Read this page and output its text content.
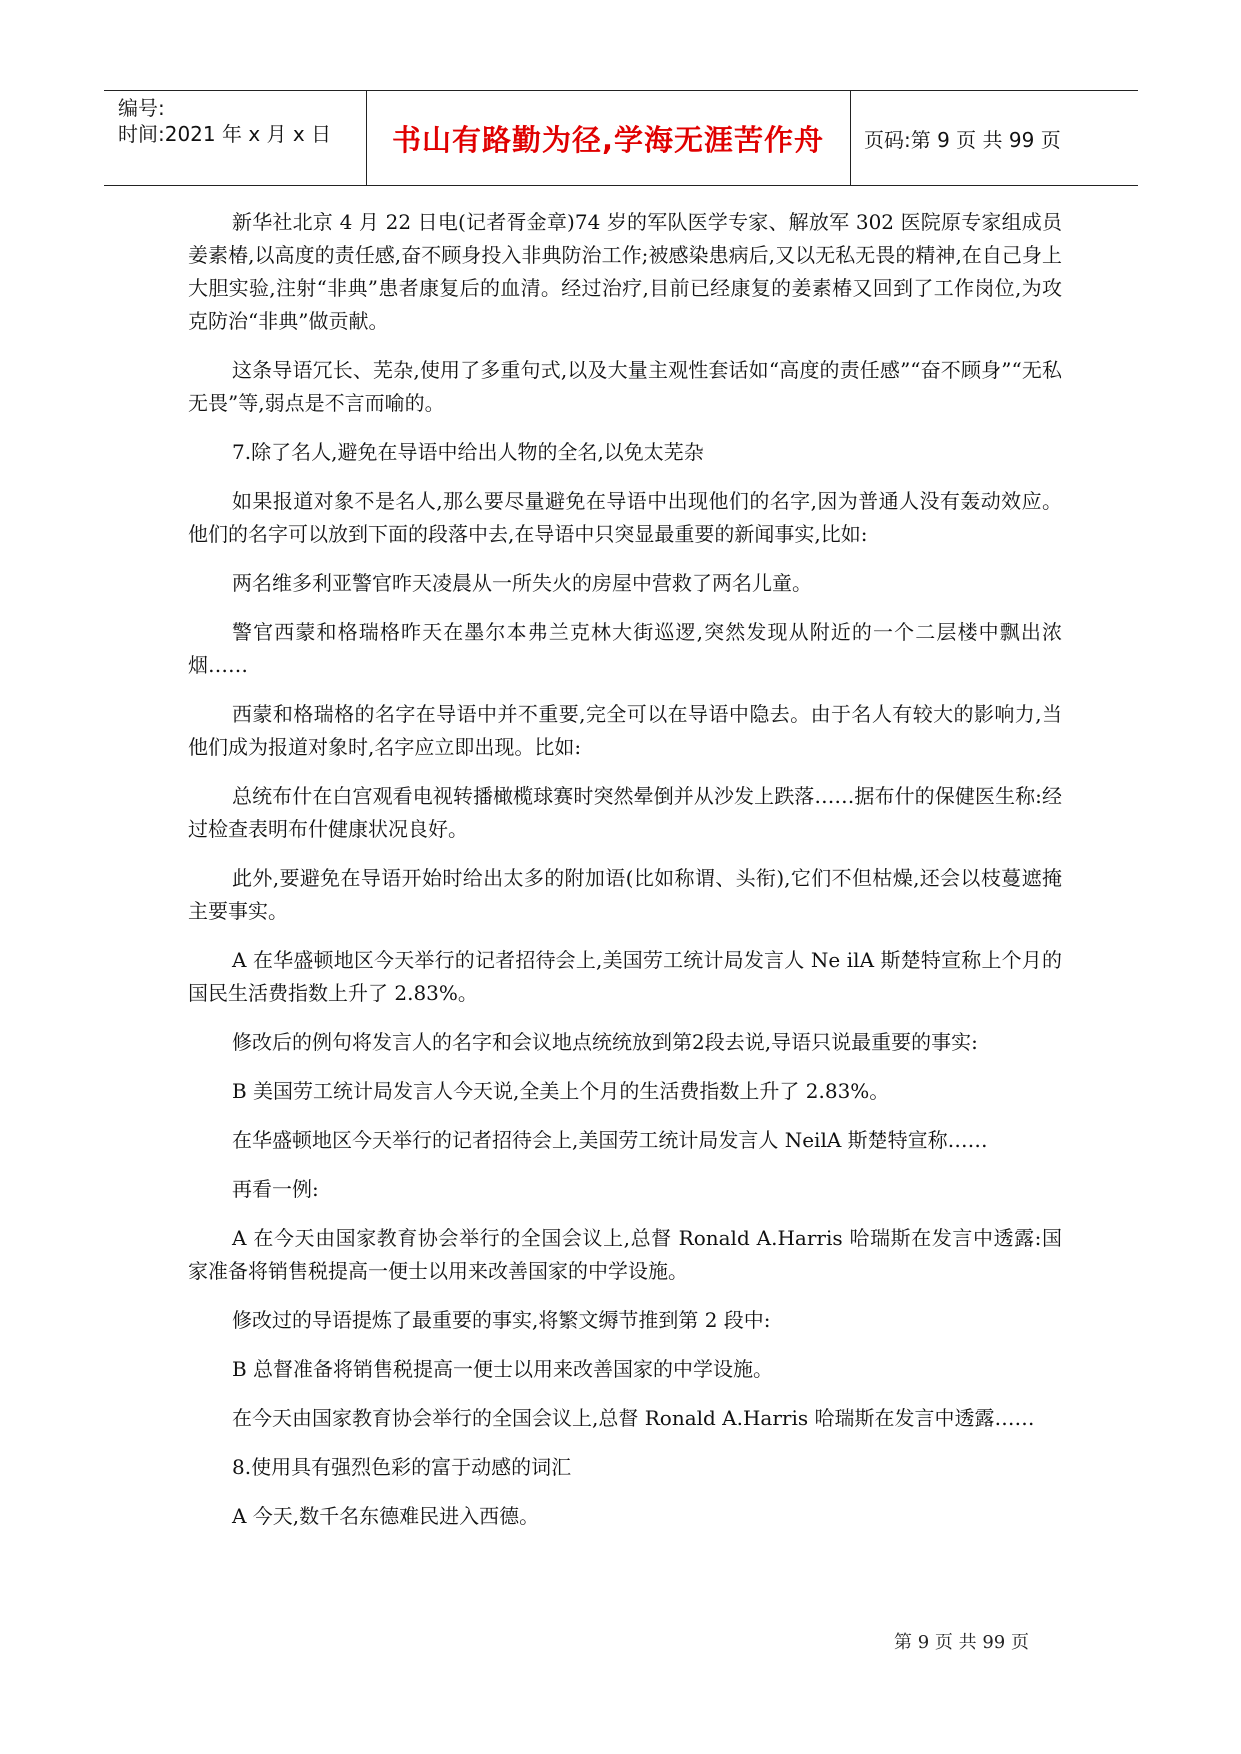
编号:
时间:2021 年 x 月 x 日	书山有路勤为径,学海无涯苦作舟	页码:第 9 页 共 99 页

新华社北京 4 月 22 日电(记者胥金章)74 岁的军队医学专家、解放军 302 医院原专家组成员姜素椿,以高度的责任感,奋不顾身投入非典防治工作;被感染患病后,又以无私无畏的精神,在自己身上大胆实验,注射“非典”患者康复后的血清。经过治疗,目前已经康复的姜素椿又回到了工作岗位,为攻克防治“非典”做贡献。

这条导语冗长、芜杂,使用了多重句式,以及大量主观性套话如“高度的责任感”“奋不顾身”“无私无畏”等,弱点是不言而喻的。

7.除了名人,避免在导语中给出人物的全名,以免太芜杂

如果报道对象不是名人,那么要尽量避免在导语中出现他们的名字,因为普通人没有轰动效应。他们的名字可以放到下面的段落中去,在导语中只突显最重要的新闻事实,比如:

两名维多利亚警官昨天凌晨从一所失火的房屋中营救了两名儿童。

警官西蒙和格瑞格昨天在墨尔本弗兰克林大街巡逻,突然发现从附近的一个二层楼中飘出浓烟……

西蒙和格瑞格的名字在导语中并不重要,完全可以在导语中隐去。由于名人有较大的影响力,当他们成为报道对象时,名字应立即出现。比如:

总统布什在白宫观看电视转播橄榄球赛时突然晕倒并从沙发上跌落……据布什的保健医生称:经过检查表明布什健康状况良好。

此外,要避免在导语开始时给出太多的附加语(比如称谓、头衔),它们不但枯燥,还会以枝蔓遮掩主要事实。

A 在华盛顿地区今天举行的记者招待会上,美国劳工统计局发言人 Ne ilA 斯楚特宣称上个月的国民生活费指数上升了 2.83%。

修改后的例句将发言人的名字和会议地点统统放到第2段去说,导语只说最重要的事实:

B 美国劳工统计局发言人今天说,全美上个月的生活费指数上升了 2.83%。

在华盛顿地区今天举行的记者招待会上,美国劳工统计局发言人 NeilA 斯楚特宣称……

再看一例:

A 在今天由国家教育协会举行的全国会议上,总督 Ronald A.Harris 哈瑞斯在发言中透露:国家准备将销售税提高一便士以用来改善国家的中学设施。

修改过的导语提炼了最重要的事实,将繁文缛节推到第 2 段中:

B 总督准备将销售税提高一便士以用来改善国家的中学设施。

在今天由国家教育协会举行的全国会议上,总督 Ronald A.Harris 哈瑞斯在发言中透露……

8.使用具有强烈色彩的富于动感的词汇

A 今天,数千名东德难民进入西德。

第 9 页 共 99 页
